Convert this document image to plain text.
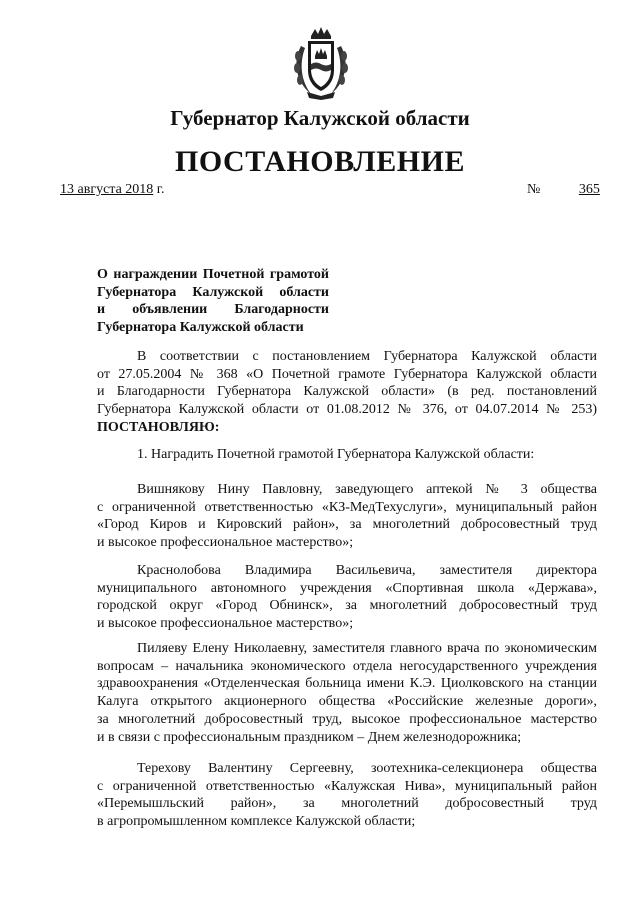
Губернатор Калужской области
ПОСТАНОВЛЕНИЕ
13 августа 2018 г.	№	365
О награждении Почетной грамотой
Губернатора Калужской области
и объявлении Благодарности
Губернатора Калужской области
В соответствии с постановлением Губернатора Калужской области
от 27.05.2004 № 368 «О Почетной грамоте Губернатора Калужской области
и Благодарности Губернатора Калужской области» (в ред. постановлений
Губернатора Калужской области от 01.08.2012 № 376, от 04.07.2014 № 253)
ПОСТАНОВЛЯЮ:
1. Наградить Почетной грамотой Губернатора Калужской области:
Вишнякову Нину Павловну, заведующего аптекой № 3 общества
с ограниченной ответственностью «КЗ-МедТехуслуги», муниципальный район
«Город Киров и Кировский район», за многолетний добросовестный труд
и высокое профессиональное мастерство»;
Краснолобова Владимира Васильевича, заместителя директора
муниципального автономного учреждения «Спортивная школа «Держава»,
городской округ «Город Обнинск», за многолетний добросовестный труд
и высокое профессиональное мастерство»;
Пиляеву Елену Николаевну, заместителя главного врача по экономическим
вопросам – начальника экономического отдела негосударственного учреждения
здравоохранения «Отделенческая больница имени К.Э. Циолковского на станции
Калуга открытого акционерного общества «Российские железные дороги»,
за многолетний добросовестный труд, высокое профессиональное мастерство
и в связи с профессиональным праздником – Днем железнодорожника;
Терехову Валентину Сергеевну, зоотехника-селекционера общества
с ограниченной ответственностью «Калужская Нива», муниципальный район
«Перемышльский район», за многолетний добросовестный труд
в агропромышленном комплексе Калужской области;
